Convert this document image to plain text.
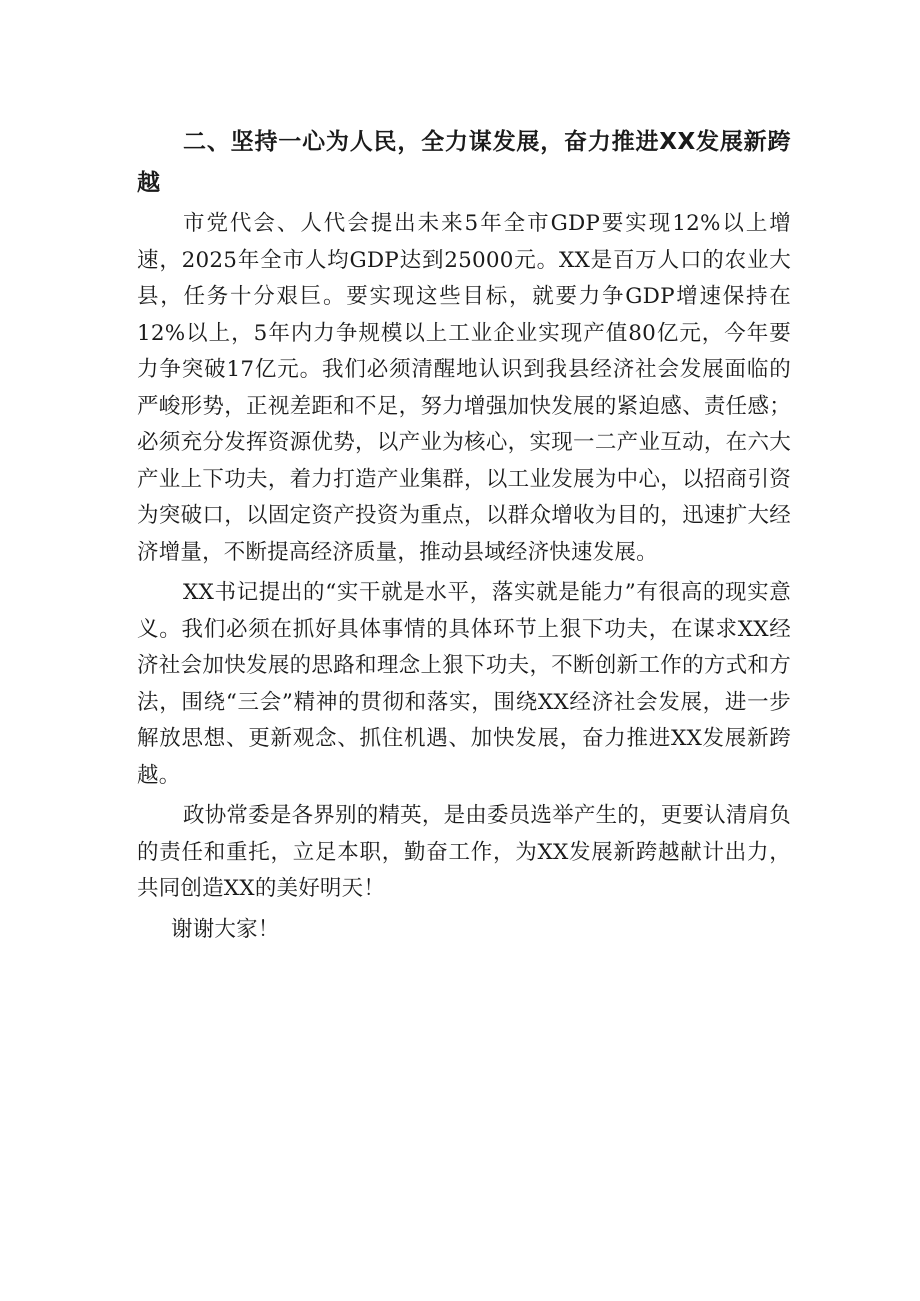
二、坚持一心为人民，全力谋发展，奋力推进XX发展新跨越

市党代会、人代会提出未来5年全市GDP要实现12%以上增速，2025年全市人均GDP达到25000元。XX是百万人口的农业大县，任务十分艰巨。要实现这些目标，就要力争GDP增速保持在12%以上，5年内力争规模以上工业企业实现产值80亿元，今年要力争突破17亿元。我们必须清醒地认识到我县经济社会发展面临的严峻形势，正视差距和不足，努力增强加快发展的紧迫感、责任感；必须充分发挥资源优势，以产业为核心，实现一二产业互动，在六大产业上下功夫，着力打造产业集群，以工业发展为中心，以招商引资为突破口，以固定资产投资为重点，以群众增收为目的，迅速扩大经济增量，不断提高经济质量，推动县域经济快速发展。

XX书记提出的“实干就是水平，落实就是能力”有很高的现实意义。我们必须在抓好具体事情的具体环节上狠下功夫，在谋求XX经济社会加快发展的思路和理念上狠下功夫，不断创新工作的方式和方法，围绕“三会”精神的贯彻和落实，围绕XX经济社会发展，进一步解放思想、更新观念、抓住机遇、加快发展，奋力推进XX发展新跨越。

政协常委是各界别的精英，是由委员选举产生的，更要认清肩负的责任和重托，立足本职，勤奋工作，为XX发展新跨越献计出力，共同创造XX的美好明天！

谢谢大家！
